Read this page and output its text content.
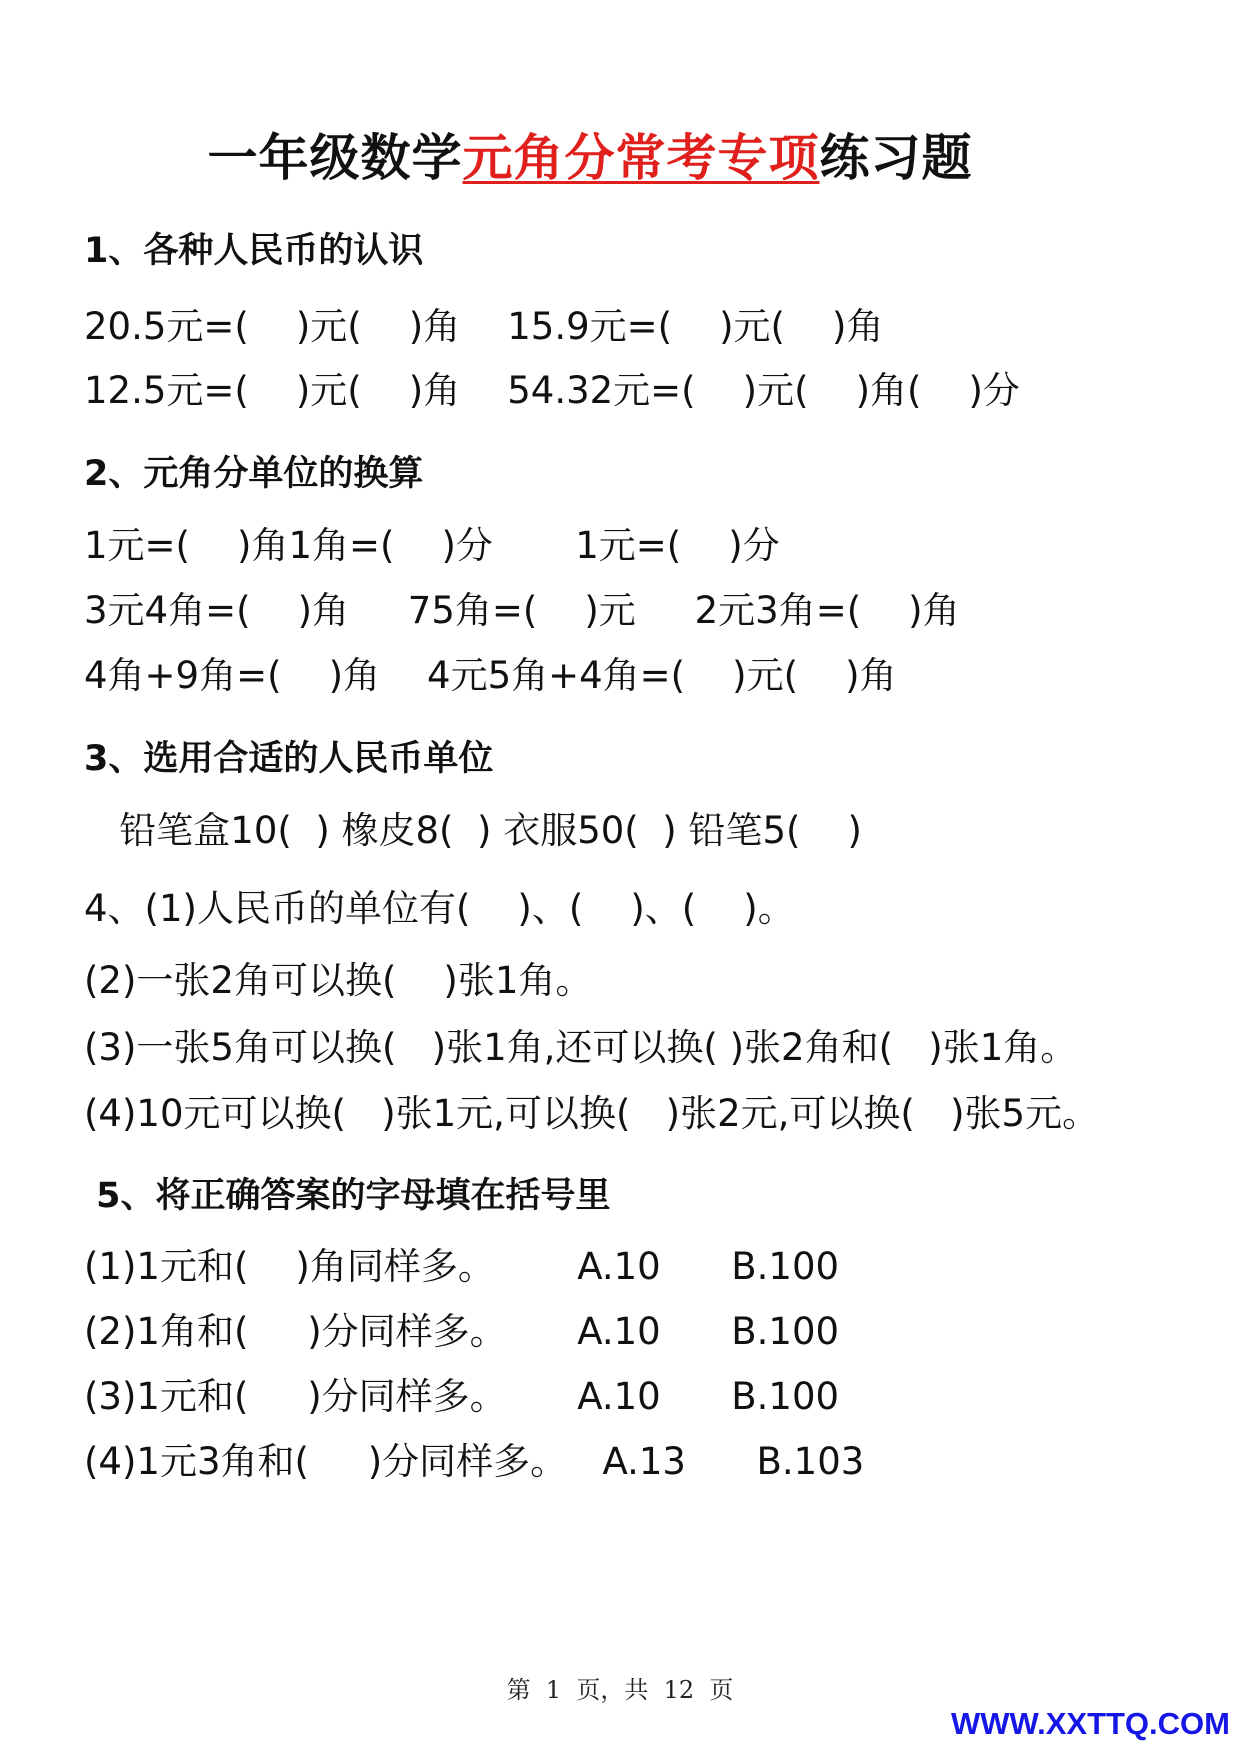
一年级数学元角分常考专项练习题
1、各种人民币的认识
20.5元=(    )元(    )角    15.9元=(    )元(    )角
12.5元=(    )元(    )角    54.32元=(    )元(    )角(    )分
2、元角分单位的换算
1元=(    )角1角=(    )分       1元=(    )分
3元4角=(    )角     75角=(    )元     2元3角=(    )角
4角+9角=(    )角    4元5角+4角=(    )元(    )角
3、选用合适的人民币单位
铅笔盒10(  ) 橡皮8(  ) 衣服50(  ) 铅笔5(    )
4、(1)人民币的单位有(    )、(    )、(    )。
(2)一张2角可以换(    )张1角。
(3)一张5角可以换(   )张1角,还可以换( )张2角和(   )张1角。
(4)10元可以换(   )张1元,可以换(   )张2元,可以换(   )张5元。
5、将正确答案的字母填在括号里
(1)1元和(    )角同样多。       A.10      B.100
(2)1角和(     )分同样多。      A.10      B.100
(3)1元和(     )分同样多。      A.10      B.100
(4)1元3角和(     )分同样多。   A.13      B.103
第  1  页，共  12  页
WWW.XXTTQ.COM
